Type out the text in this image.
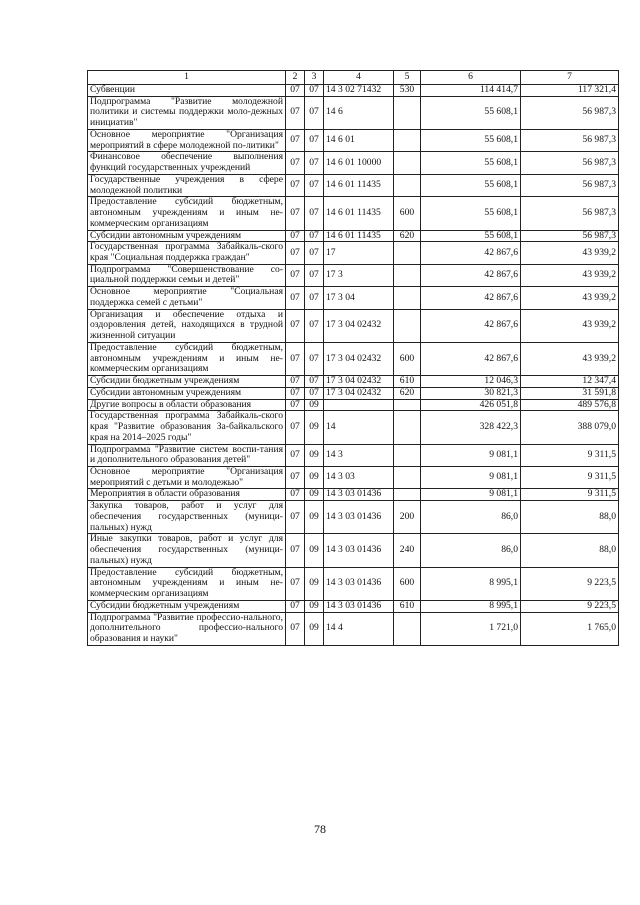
1	2	3	4	5	6	7
Субвенции	07	07	14 3 02 71432	530	114 414,7	117 321,4
Подпрограмма "Развитие молодежной политики и системы поддержки моло-дежных инициатив"	07	07	14 6		55 608,1	56 987,3
Основное мероприятие "Организация мероприятий в сфере молодежной по-литики"	07	07	14 6 01		55 608,1	56 987,3
Финансовое обеспечение выполнения функций государственных учреждений	07	07	14 6 01 10000		55 608,1	56 987,3
Государственные учреждения в сфере молодежной политики	07	07	14 6 01 11435		55 608,1	56 987,3
Предоставление субсидий бюджетным, автономным учреждениям и иным не-коммерческим организациям	07	07	14 6 01 11435	600	55 608,1	56 987,3
Субсидии автономным учреждениям	07	07	14 6 01 11435	620	55 608,1	56 987,3
Государственная программа Забайкаль-ского края "Социальная поддержка граждан"	07	07	17		42 867,6	43 939,2
Подпрограмма "Совершенствование со-циальной поддержки семьи и детей"	07	07	17 3		42 867,6	43 939,2
Основное мероприятие "Социальная поддержка семей с детьми"	07	07	17 3 04		42 867,6	43 939,2
Организация и обеспечение отдыха и оздоровления детей, находящихся в трудной жизненной ситуации	07	07	17 3 04 02432		42 867,6	43 939,2
Предоставление субсидий бюджетным, автономным учреждениям и иным не-коммерческим организациям	07	07	17 3 04 02432	600	42 867,6	43 939,2
Субсидии бюджетным учреждениям	07	07	17 3 04 02432	610	12 046,3	12 347,4
Субсидии автономным учреждениям	07	07	17 3 04 02432	620	30 821,3	31 591,8
Другие вопросы в области образования	07	09			426 051,8	489 576,8
Государственная программа Забайкаль-ского края "Развитие образования За-байкальского края на 2014–2025 годы"	07	09	14		328 422,3	388 079,0
Подпрограмма "Развитие систем воспи-тания и дополнительного образования детей"	07	09	14 3		9 081,1	9 311,5
Основное мероприятие "Организация мероприятий с детьми и молодежью"	07	09	14 3 03		9 081,1	9 311,5
Мероприятия в области образования	07	09	14 3 03 01436		9 081,1	9 311,5
Закупка товаров, работ и услуг для обеспечения государственных (муници-пальных) нужд	07	09	14 3 03 01436	200	86,0	88,0
Иные закупки товаров, работ и услуг для обеспечения государственных (муници-пальных) нужд	07	09	14 3 03 01436	240	86,0	88,0
Предоставление субсидий бюджетным, автономным учреждениям и иным не-коммерческим организациям	07	09	14 3 03 01436	600	8 995,1	9 223,5
Субсидии бюджетным учреждениям	07	09	14 3 03 01436	610	8 995,1	9 223,5
Подпрограмма "Развитие профессио-нального, дополнительного профессио-нального образования и науки"	07	09	14 4		1 721,0	1 765,0
78
